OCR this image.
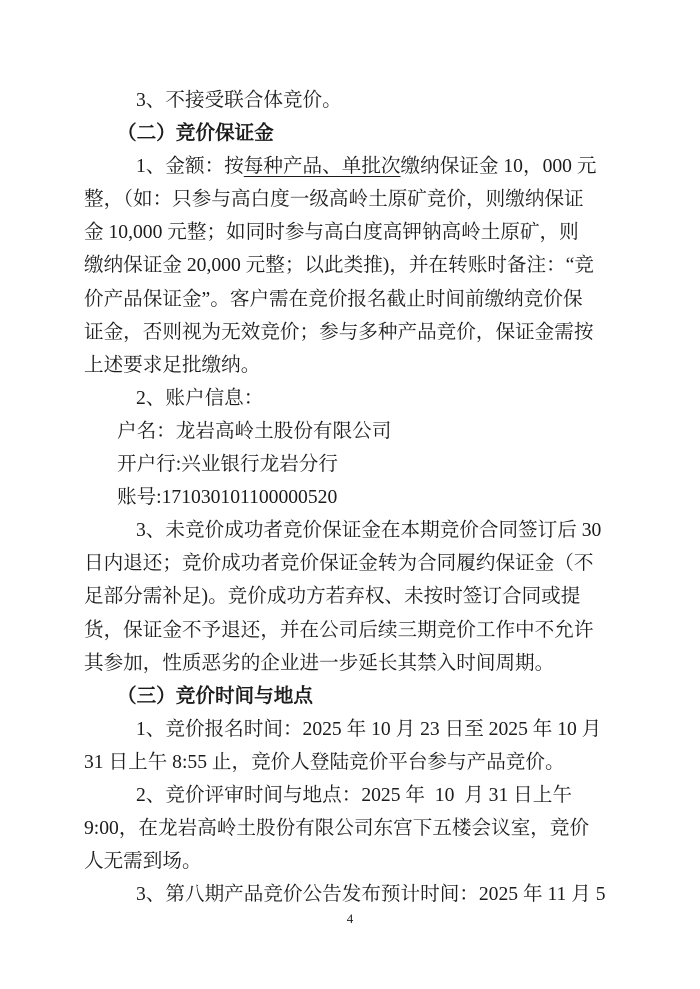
3、不接受联合体竞价。
（二）竞价保证金
1、金额：按每种产品、单批次缴纳保证金 10，000 元
整，（如：只参与高白度一级高岭土原矿竞价，则缴纳保证
金 10,000 元整；如同时参与高白度高钾钠高岭土原矿，则
缴纳保证金 20,000 元整；以此类推)，并在转账时备注：“竞
价产品保证金”。客户需在竞价报名截止时间前缴纳竞价保
证金，否则视为无效竞价；参与多种产品竞价，保证金需按
上述要求足批缴纳。
2、账户信息：
户名：龙岩高岭土股份有限公司
开户行:兴业银行龙岩分行
账号:171030101100000520
3、未竞价成功者竞价保证金在本期竞价合同签订后 30
日内退还；竞价成功者竞价保证金转为合同履约保证金（不
足部分需补足)。竞价成功方若弃权、未按时签订合同或提
货，保证金不予退还，并在公司后续三期竞价工作中不允许
其参加，性质恶劣的企业进一步延长其禁入时间周期。
（三）竞价时间与地点
1、竞价报名时间：2025 年 10 月 23 日至 2025 年 10 月
31 日上午 8:55 止，竞价人登陆竞价平台参与产品竞价。
2、竞价评审时间与地点：2025 年  10  月 31 日上午
9:00，在龙岩高岭土股份有限公司东宫下五楼会议室，竞价
人无需到场。
3、第八期产品竞价公告发布预计时间：2025 年 11 月 5
4
